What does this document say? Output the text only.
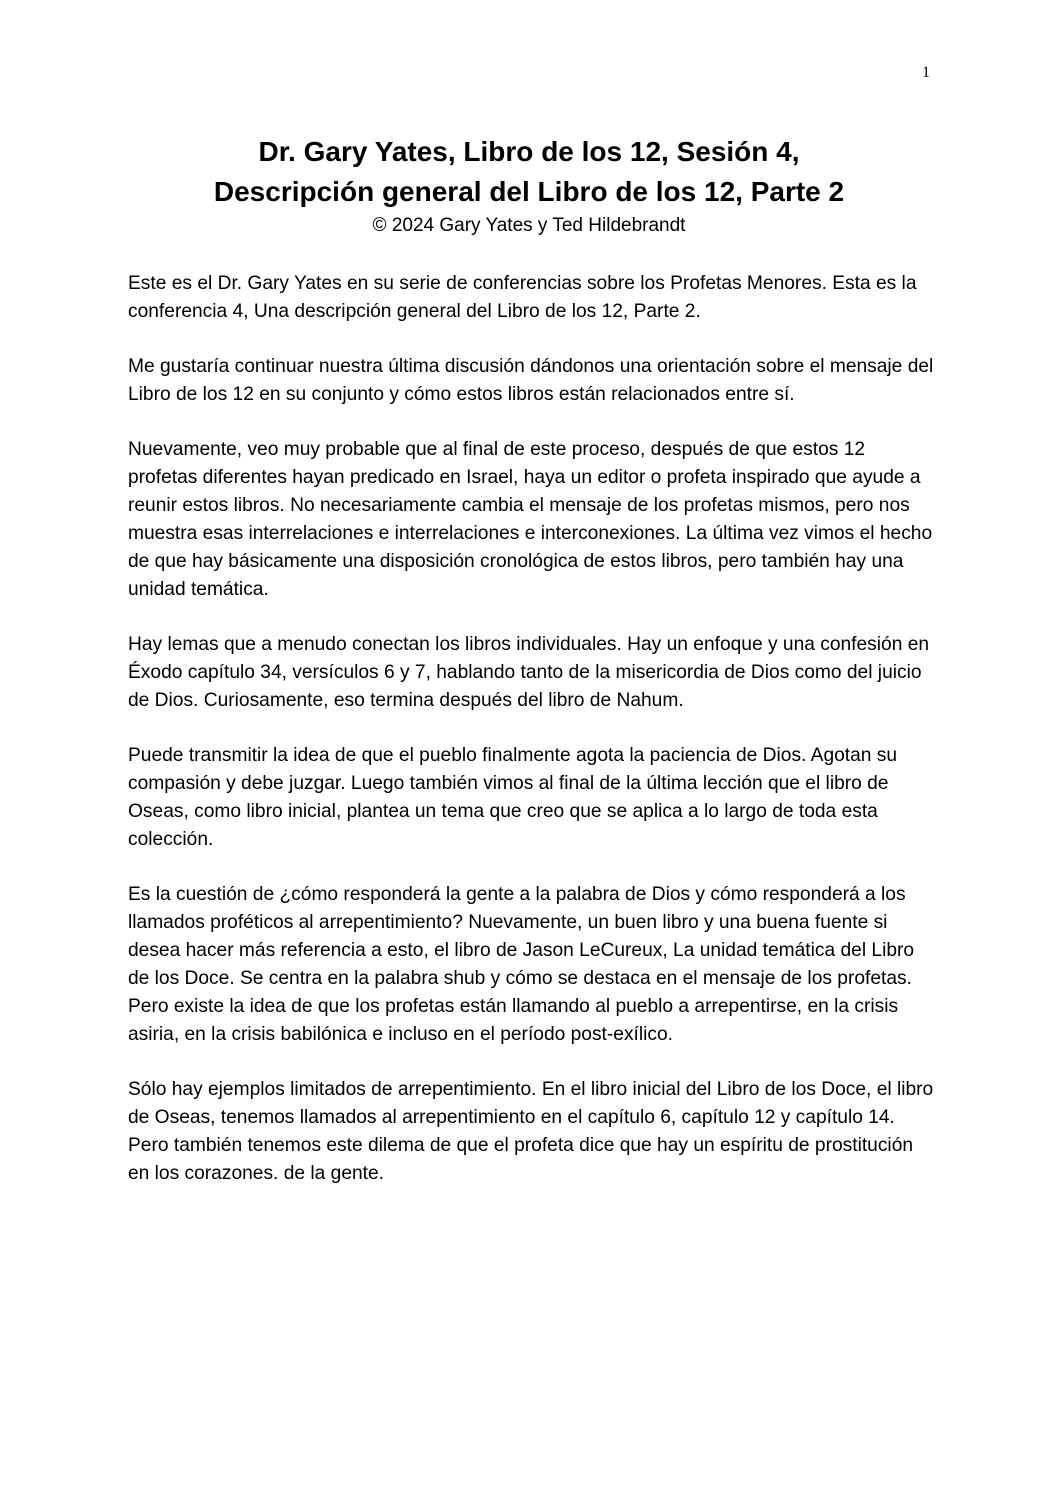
1
Dr. Gary Yates, Libro de los 12, Sesión 4,
Descripción general del Libro de los 12, Parte 2
© 2024 Gary Yates y Ted Hildebrandt

Este es el Dr. Gary Yates en su serie de conferencias sobre los Profetas Menores. Esta es la conferencia 4, Una descripción general del Libro de los 12, Parte 2.

Me gustaría continuar nuestra última discusión dándonos una orientación sobre el mensaje del Libro de los 12 en su conjunto y cómo estos libros están relacionados entre sí.

Nuevamente, veo muy probable que al final de este proceso, después de que estos 12 profetas diferentes hayan predicado en Israel, haya un editor o profeta inspirado que ayude a reunir estos libros. No necesariamente cambia el mensaje de los profetas mismos, pero nos muestra esas interrelaciones e interrelaciones e interconexiones. La última vez vimos el hecho de que hay básicamente una disposición cronológica de estos libros, pero también hay una unidad temática.

Hay lemas que a menudo conectan los libros individuales. Hay un enfoque y una confesión en Éxodo capítulo 34, versículos 6 y 7, hablando tanto de la misericordia de Dios como del juicio de Dios. Curiosamente, eso termina después del libro de Nahum.

Puede transmitir la idea de que el pueblo finalmente agota la paciencia de Dios. Agotan su compasión y debe juzgar. Luego también vimos al final de la última lección que el libro de Oseas, como libro inicial, plantea un tema que creo que se aplica a lo largo de toda esta colección.

Es la cuestión de ¿cómo responderá la gente a la palabra de Dios y cómo responderá a los llamados proféticos al arrepentimiento? Nuevamente, un buen libro y una buena fuente si desea hacer más referencia a esto, el libro de Jason LeCureux, La unidad temática del Libro de los Doce. Se centra en la palabra shub y cómo se destaca en el mensaje de los profetas. Pero existe la idea de que los profetas están llamando al pueblo a arrepentirse, en la crisis asiria, en la crisis babilónica e incluso en el período post-exílico.

Sólo hay ejemplos limitados de arrepentimiento. En el libro inicial del Libro de los Doce, el libro de Oseas, tenemos llamados al arrepentimiento en el capítulo 6, capítulo 12 y capítulo 14. Pero también tenemos este dilema de que el profeta dice que hay un espíritu de prostitución en los corazones. de la gente.
